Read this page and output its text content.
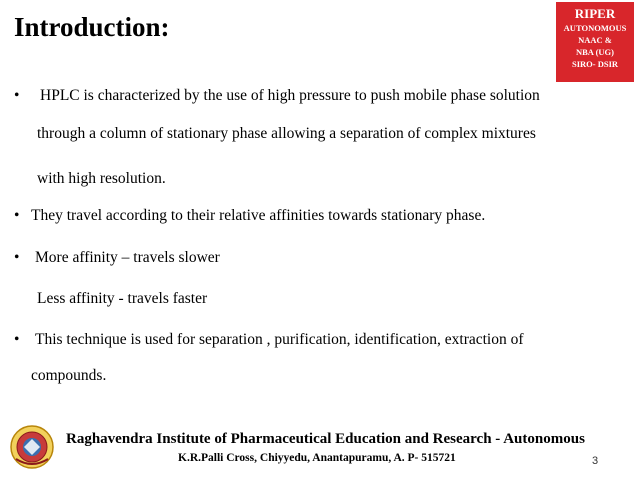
Introduction:	RIPER
AUTONOMOUS
NAAC &
NBA (UG)
SIRO- DSIR
• HPLC is characterized by the use of high pressure to push mobile phase solution
through a column of stationary phase allowing a separation of complex mixtures
with high resolution.
• They travel according to their relative affinities towards stationary phase.
• More affinity – travels slower
Less affinity - travels faster
• This technique is used for separation , purification, identification, extraction of
compounds.
Raghavendra Institute of Pharmaceutical Education and Research - Autonomous
K.R.Palli Cross, Chiyyedu, Anantapuramu, A. P- 515721	3
